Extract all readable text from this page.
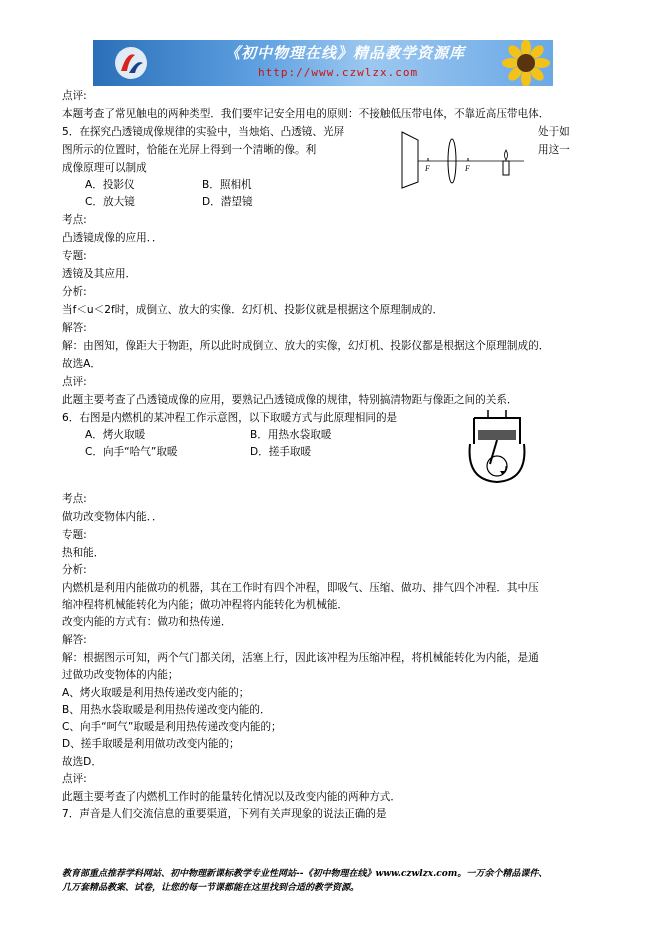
《初中物理在线》精品教学资源库
http://www.czwlzx.com
点评:
本题考查了常见触电的两种类型．我们要牢记安全用电的原则：不接触低压带电体，不靠近高压带电体．
5．在探究凸透镜成像规律的实验中，当烛焰、凸透镜、光屏
图所示的位置时，恰能在光屏上得到一个清晰的像。利
成像原理可以制成
A．投影仪	B．照相机
C．放大镜	D．潜望镜
处于如
用这一
F	F
考点:
凸透镜成像的应用．．
专题:
透镜及其应用．
分析:
当f＜u＜2f时，成倒立、放大的实像．幻灯机、投影仪就是根据这个原理制成的．
解答:
解：由图知，像距大于物距，所以此时成倒立、放大的实像，幻灯机、投影仪都是根据这个原理制成的．
故选A．
点评:
此题主要考查了凸透镜成像的应用，要熟记凸透镜成像的规律，特别搞清物距与像距之间的关系．
6．右图是内燃机的某冲程工作示意图，以下取暖方式与此原理相同的是
A．烤火取暖	B．用热水袋取暖
C．向手“哈气”取暖	D．搓手取暖
考点:
做功改变物体内能．．
专题:
热和能．
分析:
内燃机是利用内能做功的机器，其在工作时有四个冲程，即吸气、压缩、做功、排气四个冲程．其中压
缩冲程将机械能转化为内能；做功冲程将内能转化为机械能．
改变内能的方式有：做功和热传递．
解答:
解：根据图示可知，两个气门都关闭，活塞上行，因此该冲程为压缩冲程，将机械能转化为内能，是通
过做功改变物体的内能；
A、烤火取暖是利用热传递改变内能的；
B、用热水袋取暖是利用热传递改变内能的．
C、向手“呵气”取暖是利用热传递改变内能的；
D、搓手取暖是利用做功改变内能的；
故选D．
点评:
此题主要考查了内燃机工作时的能量转化情况以及改变内能的两种方式．
7．声音是人们交流信息的重要渠道，下列有关声现象的说法正确的是
教育部重点推荐学科网站、初中物理新课标教学专业性网站--《初中物理在线》www.czwlzx.com。一万余个精品课件、
几万套精品教案、试卷，让您的每一节课都能在这里找到合适的教学资源。
